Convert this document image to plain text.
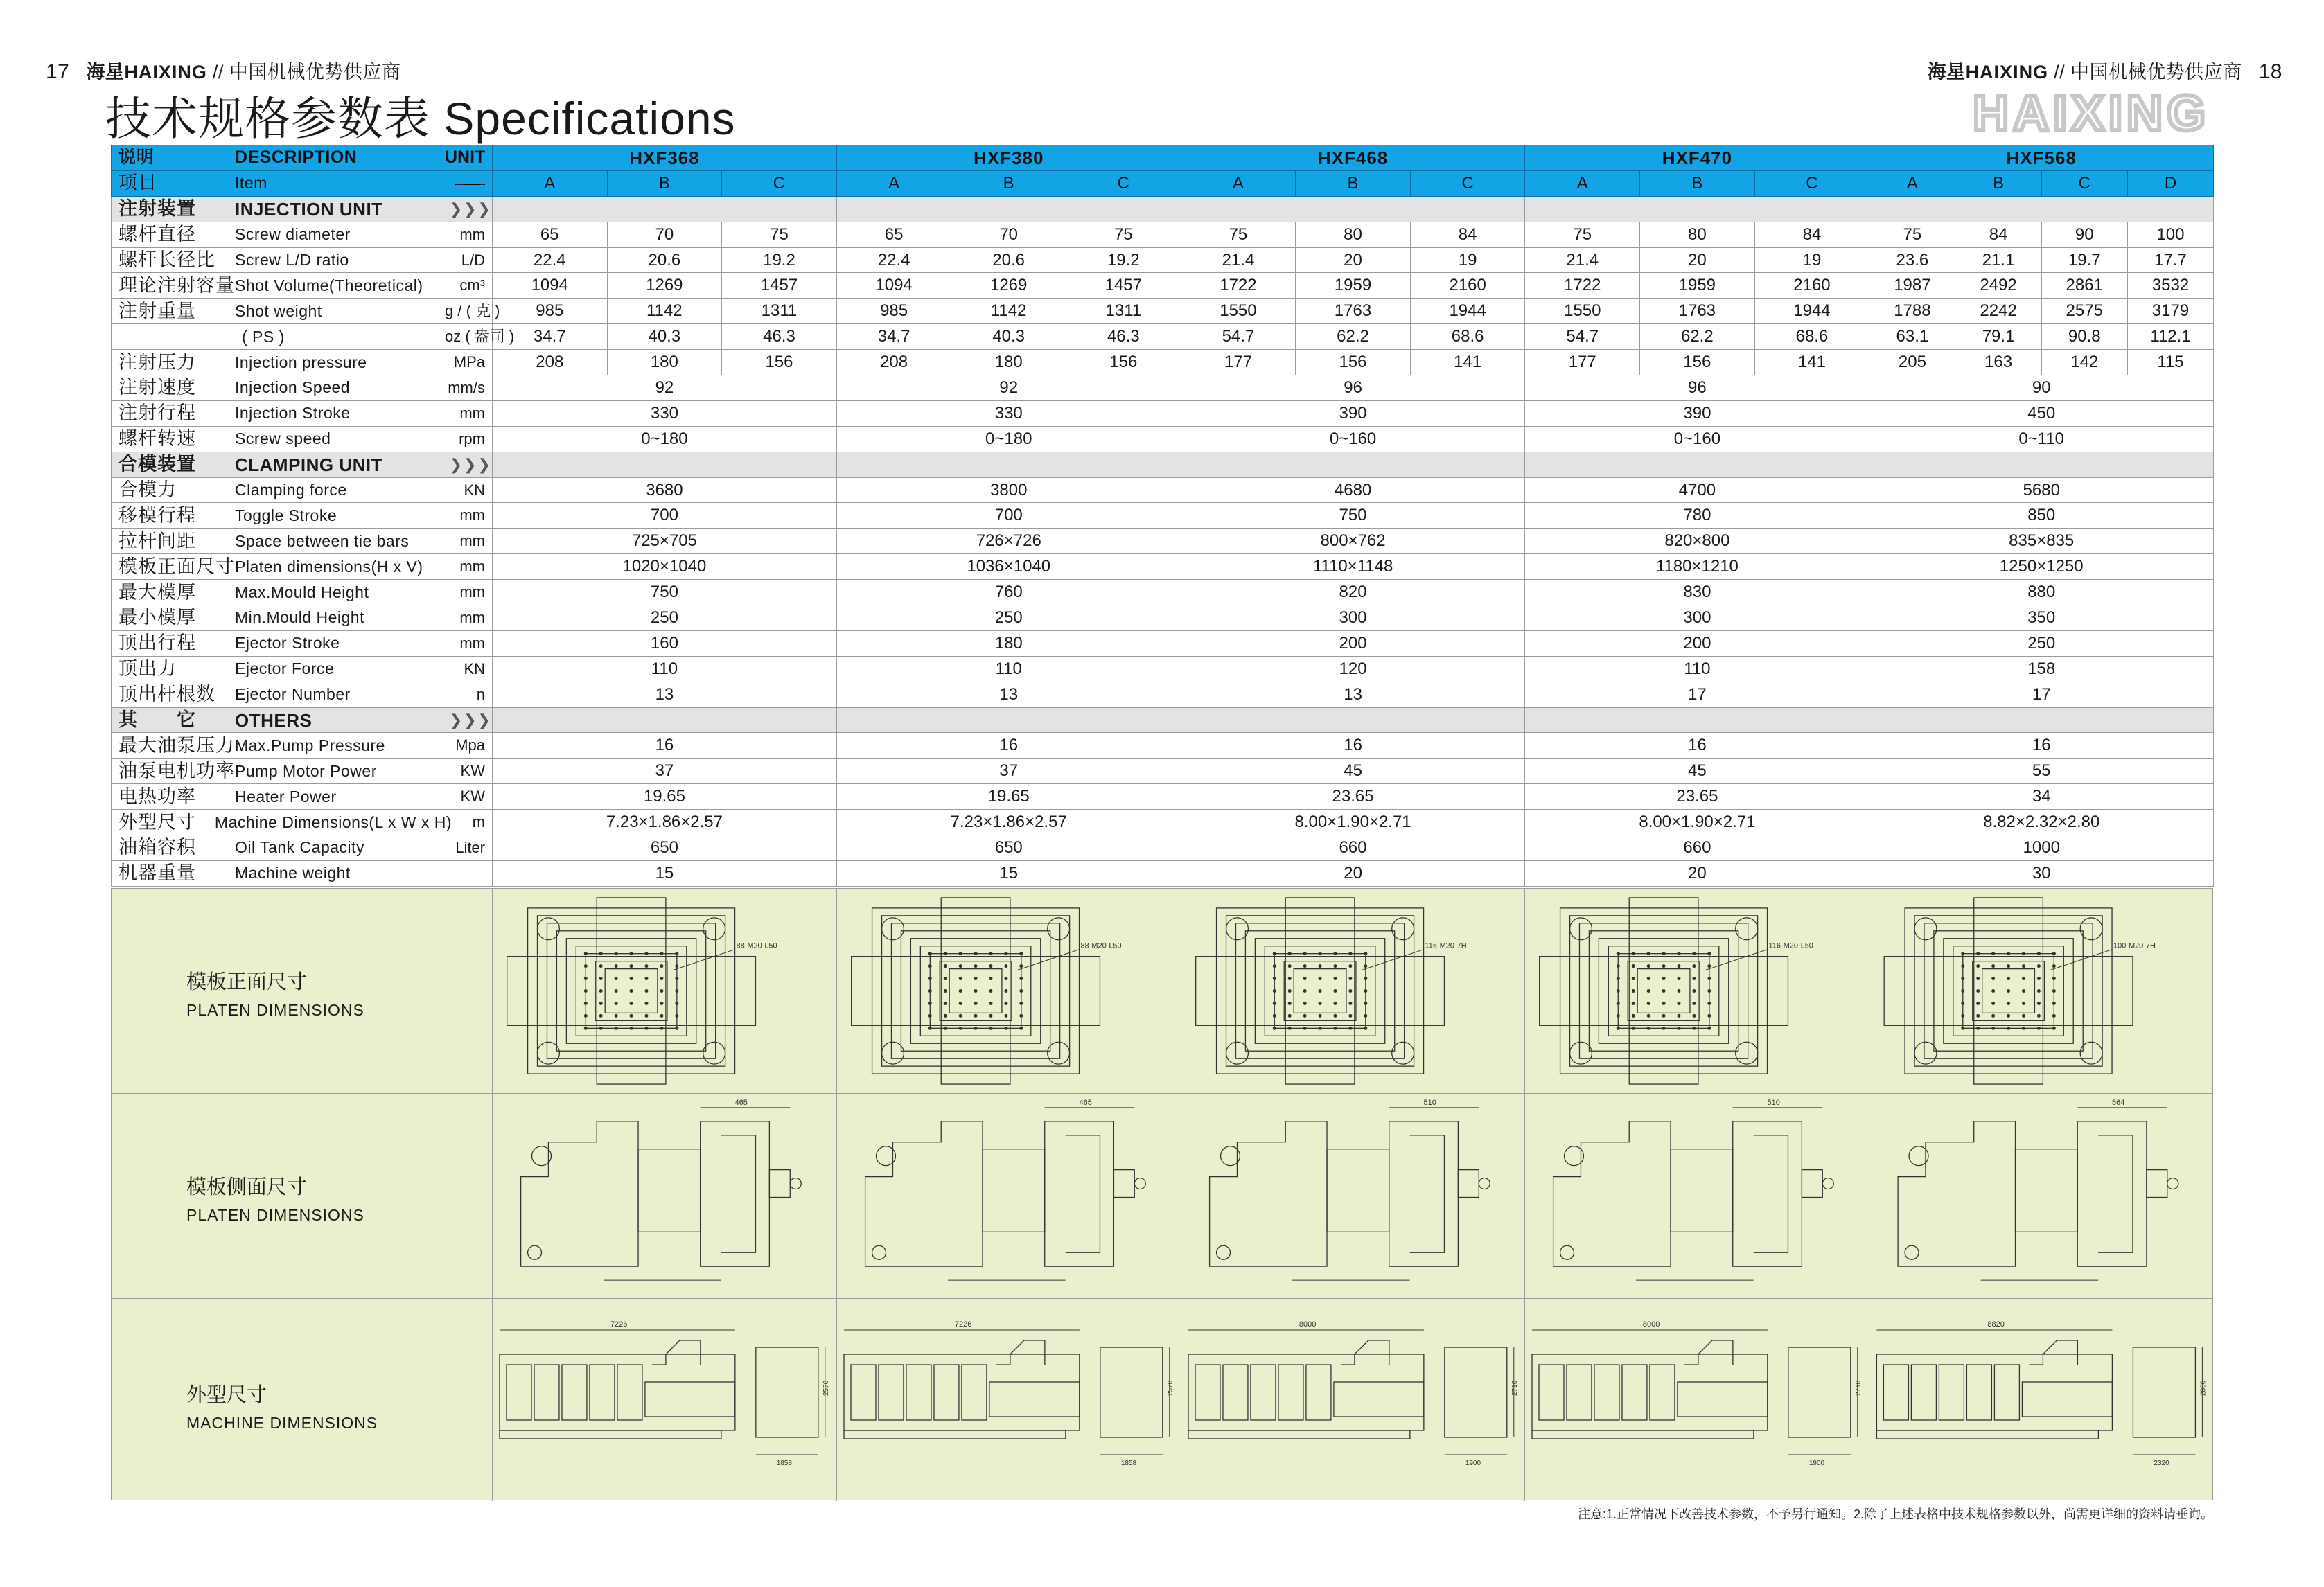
17 海星HAIXING // 中国机械优势供应商	海星HAIXING // 中国机械优势供应商 18
技术规格参数表 Specifications	HAIXING
说明 DESCRIPTION UNIT	HXF368			HXF380			HXF468			HXF470			HXF568			

项目 Item ——	A	B	C	A	B	C	A	B	C	A	B	C	A	B	C	D

注射装置 INJECTION UNIT ❯❯❯																

螺杆直径 Screw diameter mm	65	70	75	65	70	75	75	80	84	75	80	84	75	84	90	100

螺杆长径比 Screw L/D ratio L/D	22.4	20.6	19.2	22.4	20.6	19.2	21.4	20	19	21.4	20	19	23.6	21.1	19.7	17.7

理论注射容量 Shot Volume(Theoretical) cm³	1094	1269	1457	1094	1269	1457	1722	1959	2160	1722	1959	2160	1987	2492	2861	3532

注射重量 Shot weight g / ( 克 )	985	1142	1311	985	1142	1311	1550	1763	1944	1550	1763	1944	1788	2242	2575	3179

( PS ) oz ( 盎司 )	34.7	40.3	46.3	34.7	40.3	46.3	54.7	62.2	68.6	54.7	62.2	68.6	63.1	79.1	90.8	112.1

注射压力 Injection pressure MPa	208	180	156	208	180	156	177	156	141	177	156	141	205	163	142	115

注射速度 Injection Speed mm/s	92			92			96			96			90			

注射行程 Injection Stroke mm	330			330			390			390			450			

螺杆转速 Screw speed rpm	0~180			0~180			0~160			0~160			0~110			

合模装置 CLAMPING UNIT ❯❯❯																

合模力 Clamping force KN	3680			3800			4680			4700			5680			

移模行程 Toggle Stroke mm	700			700			750			780			850			

拉杆间距 Space between tie bars mm	725×705			726×726			800×762			820×800			835×835			

模板正面尺寸 Platen dimensions(H x V) mm	1020×1040			1036×1040			1110×1148			1180×1210			1250×1250			

最大模厚 Max.Mould Height mm	750			760			820			830			880			

最小模厚 Min.Mould Height mm	250			250			300			300			350			

顶出行程 Ejector Stroke mm	160			180			200			200			250			

顶出力 Ejector Force KN	110			110			120			110			158			

顶出杆根数 Ejector Number n	13			13			13			17			17			

其　　它 OTHERS ❯❯❯																

最大油泵压力 Max.Pump Pressure Mpa	16			16			16			16			16			

油泵电机功率 Pump Motor Power KW	37			37			45			45			55			

电热功率 Heater Power KW	19.65			19.65			23.65			23.65			34			

外型尺寸 Machine Dimensions(L x W x H) m	7.23×1.86×2.57			7.23×1.86×2.57			8.00×1.90×2.71			8.00×1.90×2.71			8.82×2.32×2.80			

油箱容积 Oil Tank Capacity Liter	650			650			660			660			1000			

机器重量 Machine weight	15			15			20			20			30			
模板正面尺寸
PLATEN DIMENSIONS
88-M20-L50	88-M20-L50	116-M20-7H	116-M20-L50	100-M20-7H
模板侧面尺寸
PLATEN DIMENSIONS
465	465	510	510	564
外型尺寸
MACHINE DIMENSIONS
7226
2570
1858
7226
2570
1858
8000
2710
1900
8000
2710
1900
8820
2800
2320
注意:1.正常情况下改善技术参数，不予另行通知。2.除了上述表格中技术规格参数以外，尚需更详细的资料请垂询。
